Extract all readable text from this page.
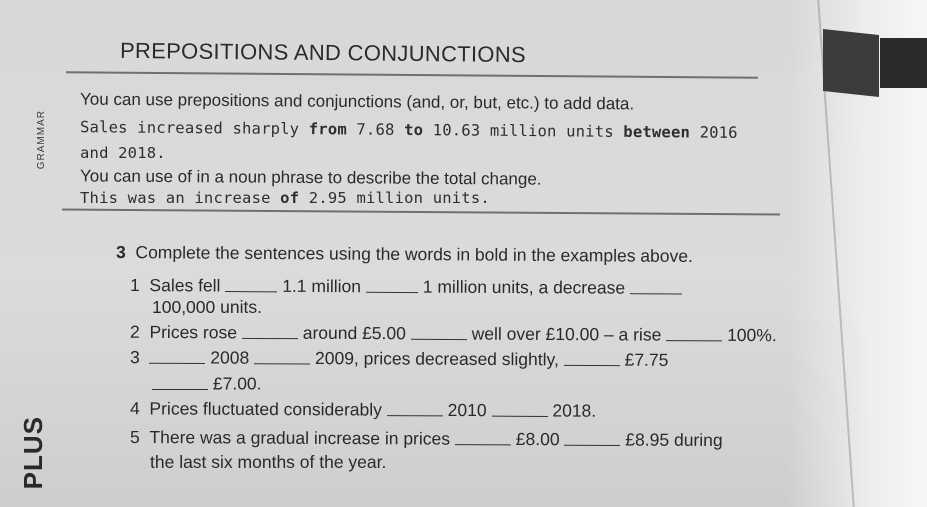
PREPOSITIONS AND CONJUNCTIONS
GRAMMAR
You can use prepositions and conjunctions (and, or, but, etc.) to add data.
Sales increased sharply from 7.68 to 10.63 million units between 2016
and 2018.
You can use of in a noun phrase to describe the total change.
This was an increase of 2.95 million units.
3 Complete the sentences using the words in bold in the examples above.
1 Sales fell	1.1 million	1 million units, a decrease
100,000 units.
2 Prices rose	around £5.00	well over £10.00 – a rise	100%.
3	2008	2009, prices decreased slightly,	£7.75
£7.00.
4 Prices fluctuated considerably	2010	2018.
5 There was a gradual increase in prices	£8.00	£8.95 during
the last six months of the year.
PLUS
